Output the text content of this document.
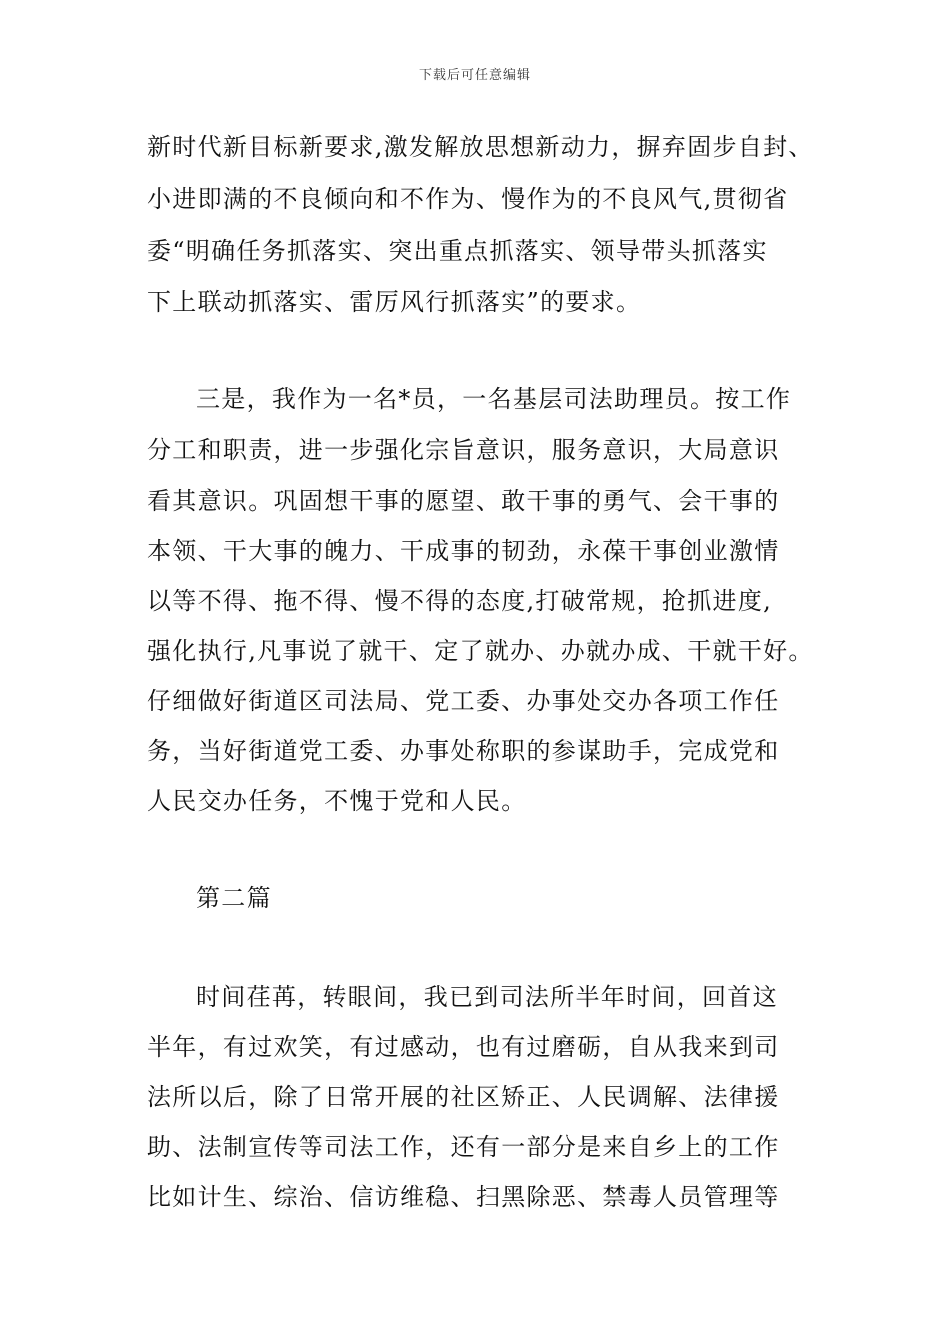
下载后可任意编辑

新时代新目标新要求,激发解放思想新动力，摒弃固步自封、

小进即满的不良倾向和不作为、慢作为的不良风气,贯彻省

委“明确任务抓落实、突出重点抓落实、领导带头抓落实

下上联动抓落实、雷厉风行抓落实”的要求。

三是，我作为一名*员，一名基层司法助理员。按工作

分工和职责，进一步强化宗旨意识，服务意识，大局意识

看其意识。巩固想干事的愿望、敢干事的勇气、会干事的

本领、干大事的魄力、干成事的韧劲，永葆干事创业激情

以等不得、拖不得、慢不得的态度,打破常规，抢抓进度,

强化执行,凡事说了就干、定了就办、办就办成、干就干好。

仔细做好街道区司法局、党工委、办事处交办各项工作任

务，当好街道党工委、办事处称职的参谋助手，完成党和

人民交办任务，不愧于党和人民。

第二篇

时间荏苒，转眼间，我已到司法所半年时间，回首这

半年，有过欢笑，有过感动，也有过磨砺，自从我来到司

法所以后，除了日常开展的社区矫正、人民调解、法律援

助、法制宣传等司法工作，还有一部分是来自乡上的工作

比如计生、综治、信访维稳、扫黑除恶、禁毒人员管理等
